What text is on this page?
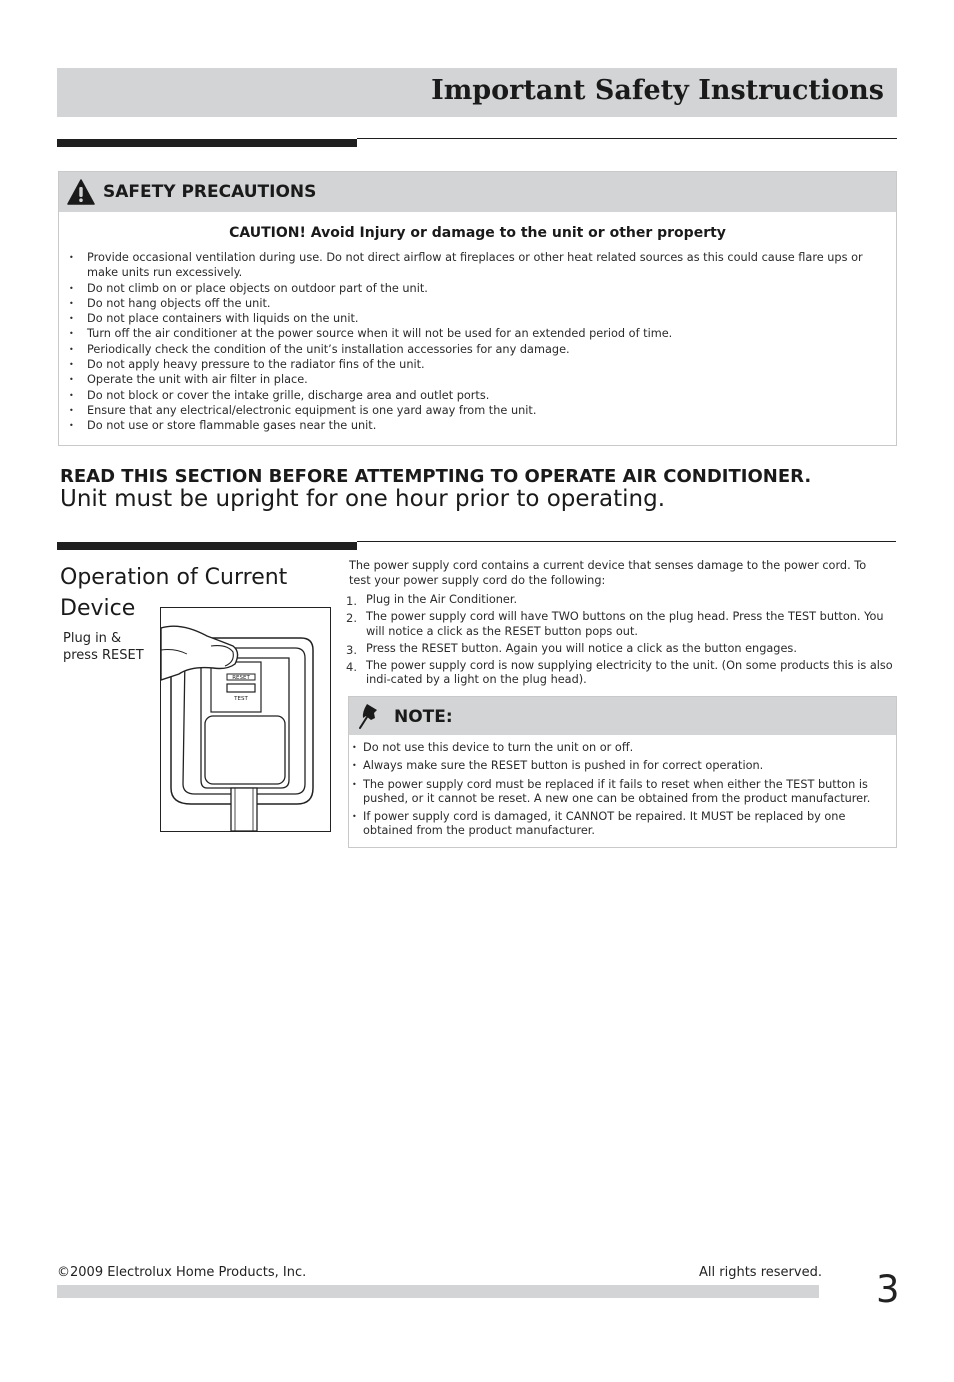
Important Safety Instructions
SAFETY PRECAUTIONS
CAUTION! Avoid Injury or damage to the unit or other property
• Provide occasional ventilation during use. Do not direct airflow at fireplaces or other heat related sources as this could cause flare ups or make units run excessively.
• Do not climb on or place objects on outdoor part of the unit.
• Do not hang objects off the unit.
• Do not place containers with liquids on the unit.
• Turn off the air conditioner at the power source when it will not be used for an extended period of time.
• Periodically check the condition of the unit’s installation accessories for any damage.
• Do not apply heavy pressure to the radiator fins of the unit.
• Operate the unit with air filter in place.
• Do not block or cover the intake grille, discharge area and outlet ports.
• Ensure that any electrical/electronic equipment is one yard away from the unit.
• Do not use or store flammable gases near the unit.
READ THIS SECTION BEFORE ATTEMPTING TO OPERATE AIR CONDITIONER.
Unit must be upright for one hour prior to operating.
Operation of Current Device
Plug in & press RESET
RESET
TEST
The power supply cord contains a current device that senses damage to the power cord. To test your power supply cord do the following:
1. Plug in the Air Conditioner.
2. The power supply cord will have TWO buttons on the plug head. Press the TEST button. You will notice a click as the RESET button pops out.
3. Press the RESET button. Again you will notice a click as the button engages.
4. The power supply cord is now supplying electricity to the unit. (On some products this is also indi-cated by a light on the plug head).
NOTE:
• Do not use this device to turn the unit on or off.
• Always make sure the RESET button is pushed in for correct operation.
• The power supply cord must be replaced if it fails to reset when either the TEST button is pushed, or it cannot be reset. A new one can be obtained from the product manufacturer.
• If power supply cord is damaged, it CANNOT be repaired. It MUST be replaced by one obtained from the product manufacturer.
©2009 Electrolux Home Products, Inc.	All rights reserved. 3
